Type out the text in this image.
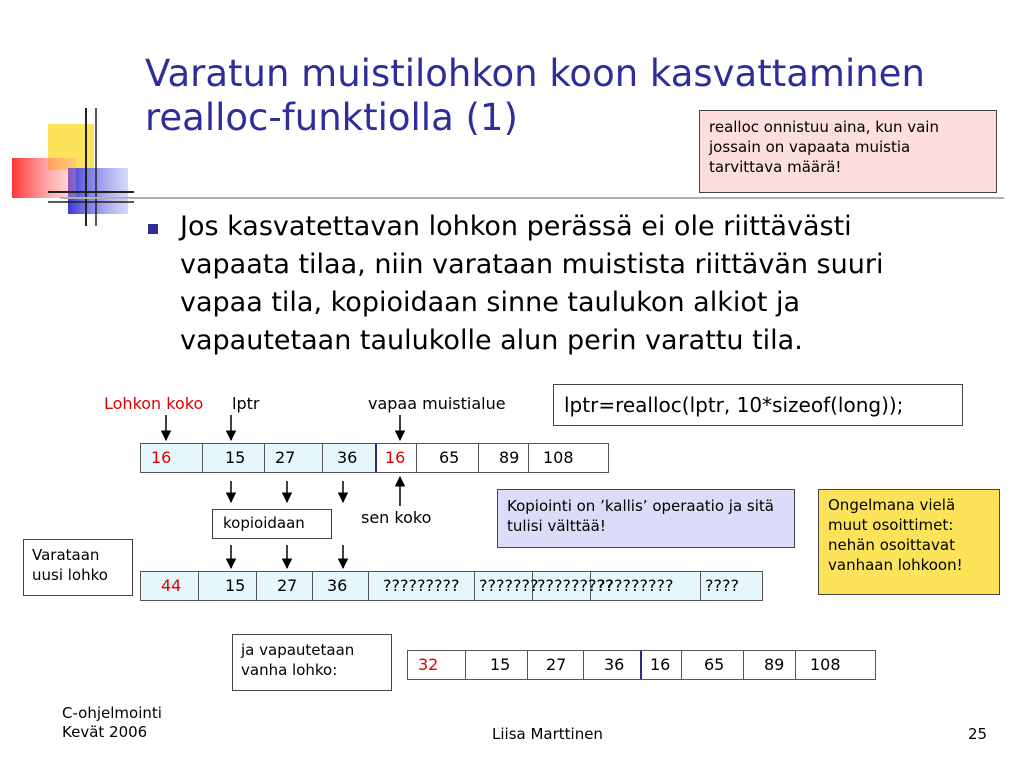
Varatun muistilohkon koon kasvattaminen
realloc-funktiolla (1)	realloc onnistuu aina, kun vain jossain on vapaata muistia tarvittava määrä!
Jos kasvatettavan lohkon perässä ei ole riittävästi
vapaata tilaa, niin varataan muistista riittävän suuri
vapaa tila, kopioidaan sinne taulukon alkiot ja
vapautetaan taulukolle alun perin varattu tila.
Lohkon koko lptr	vapaa muistialue	lptr=realloc(lptr, 10*sizeof(long));
16	15	27	36	16	65	89	108
sen koko
kopioidaan
Kopiointi on ’kallis’ operaatio ja sitä tulisi välttää!
Ongelmana vielä muut osoittimet: nehän osoittavat vanhaan lohkoon!
Varataan uusi lohko
44	15	27	36	?????????	???????
?????????
?????????	????
ja vapautetaan vanha lohko:	32	15	27	36	16	65	89	108
C-ohjelmointi
Kevät 2006	Liisa Marttinen	25
